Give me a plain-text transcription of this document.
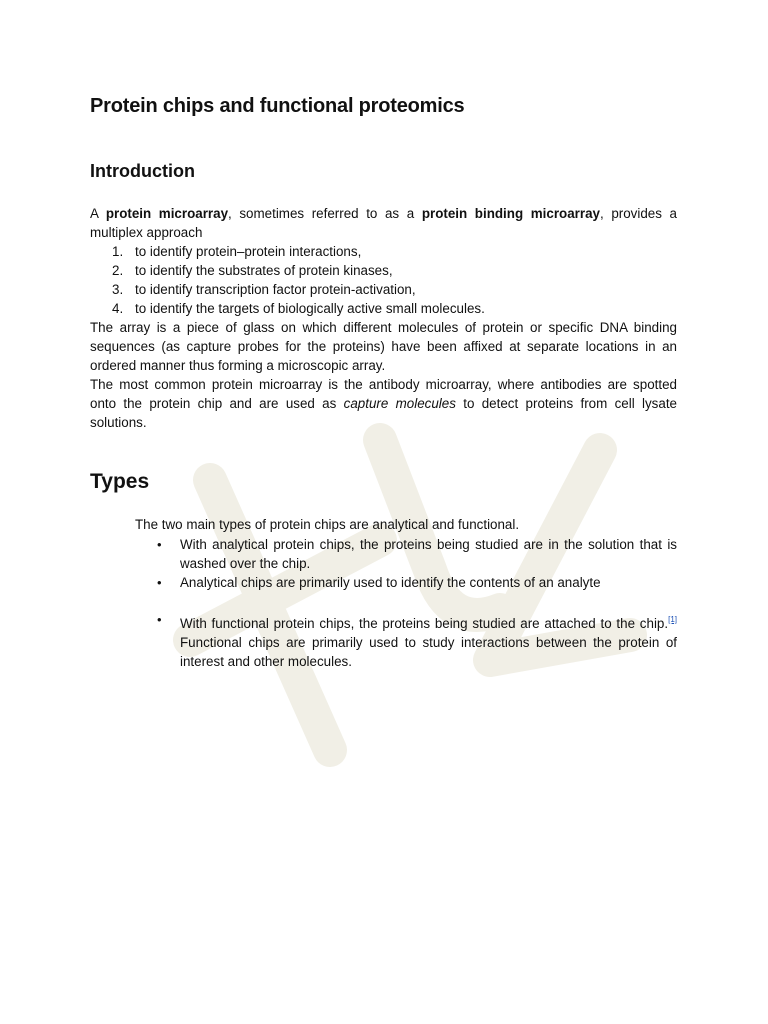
Protein chips and functional proteomics
Introduction

A protein microarray, sometimes referred to as a protein binding microarray, provides a multiplex approach

1. to identify protein–protein interactions,
2. to identify the substrates of protein kinases,
3. to identify transcription factor protein-activation,
4. to identify the targets of biologically active small molecules.

The array is a piece of glass on which different molecules of protein or specific DNA binding sequences (as capture probes for the proteins) have been affixed at separate locations in an ordered manner thus forming a microscopic array.

The most common protein microarray is the antibody microarray, where antibodies are spotted onto the protein chip and are used as capture molecules to detect proteins from cell lysate solutions.

Types

The two main types of protein chips are analytical and functional.

• With analytical protein chips, the proteins being studied are in the solution that is washed over the chip.
• Analytical chips are primarily used to identify the contents of an analyte
• With functional protein chips, the proteins being studied are attached to the chip.[1] Functional chips are primarily used to study interactions between the protein of interest and other molecules.
